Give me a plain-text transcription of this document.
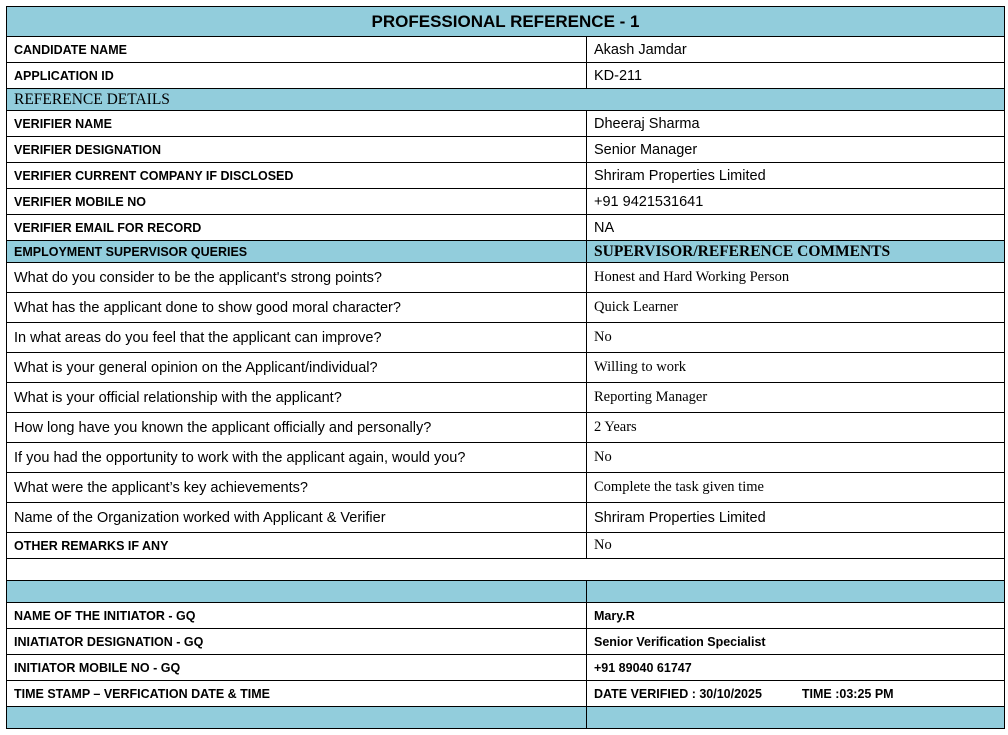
PROFESSIONAL REFERENCE - 1	
CANDIDATE NAME	Akash Jamdar
APPLICATION ID	KD-211
REFERENCE DETAILS	
VERIFIER NAME	Dheeraj Sharma
VERIFIER DESIGNATION	Senior Manager
VERIFIER CURRENT COMPANY IF DISCLOSED	Shriram Properties Limited
VERIFIER MOBILE NO	+91 9421531641
VERIFIER EMAIL FOR RECORD	NA
EMPLOYMENT SUPERVISOR QUERIES	SUPERVISOR/REFERENCE COMMENTS
What do you consider to be the applicant's strong points?	Honest and Hard Working Person
What has the applicant done to show good moral character?	Quick Learner
In what areas do you feel that the applicant can improve?	No
What is your general opinion on the Applicant/individual?	Willing to work
What is your official relationship with the applicant?	Reporting Manager
How long have you known the applicant officially and personally?	2 Years
If you had the opportunity to work with the applicant again, would you?	No
What were the applicant’s key achievements?	Complete the task given time
Name of the Organization worked with Applicant & Verifier	Shriram Properties Limited
OTHER REMARKS IF ANY	No

NAME OF THE INITIATOR - GQ	Mary.R
INIATIATOR DESIGNATION - GQ	Senior Verification Specialist
INITIATOR MOBILE NO - GQ	+91 89040 61747
TIME STAMP – VERFICATION DATE & TIME	DATE VERIFIED : 30/10/2025 TIME :03:25 PM
